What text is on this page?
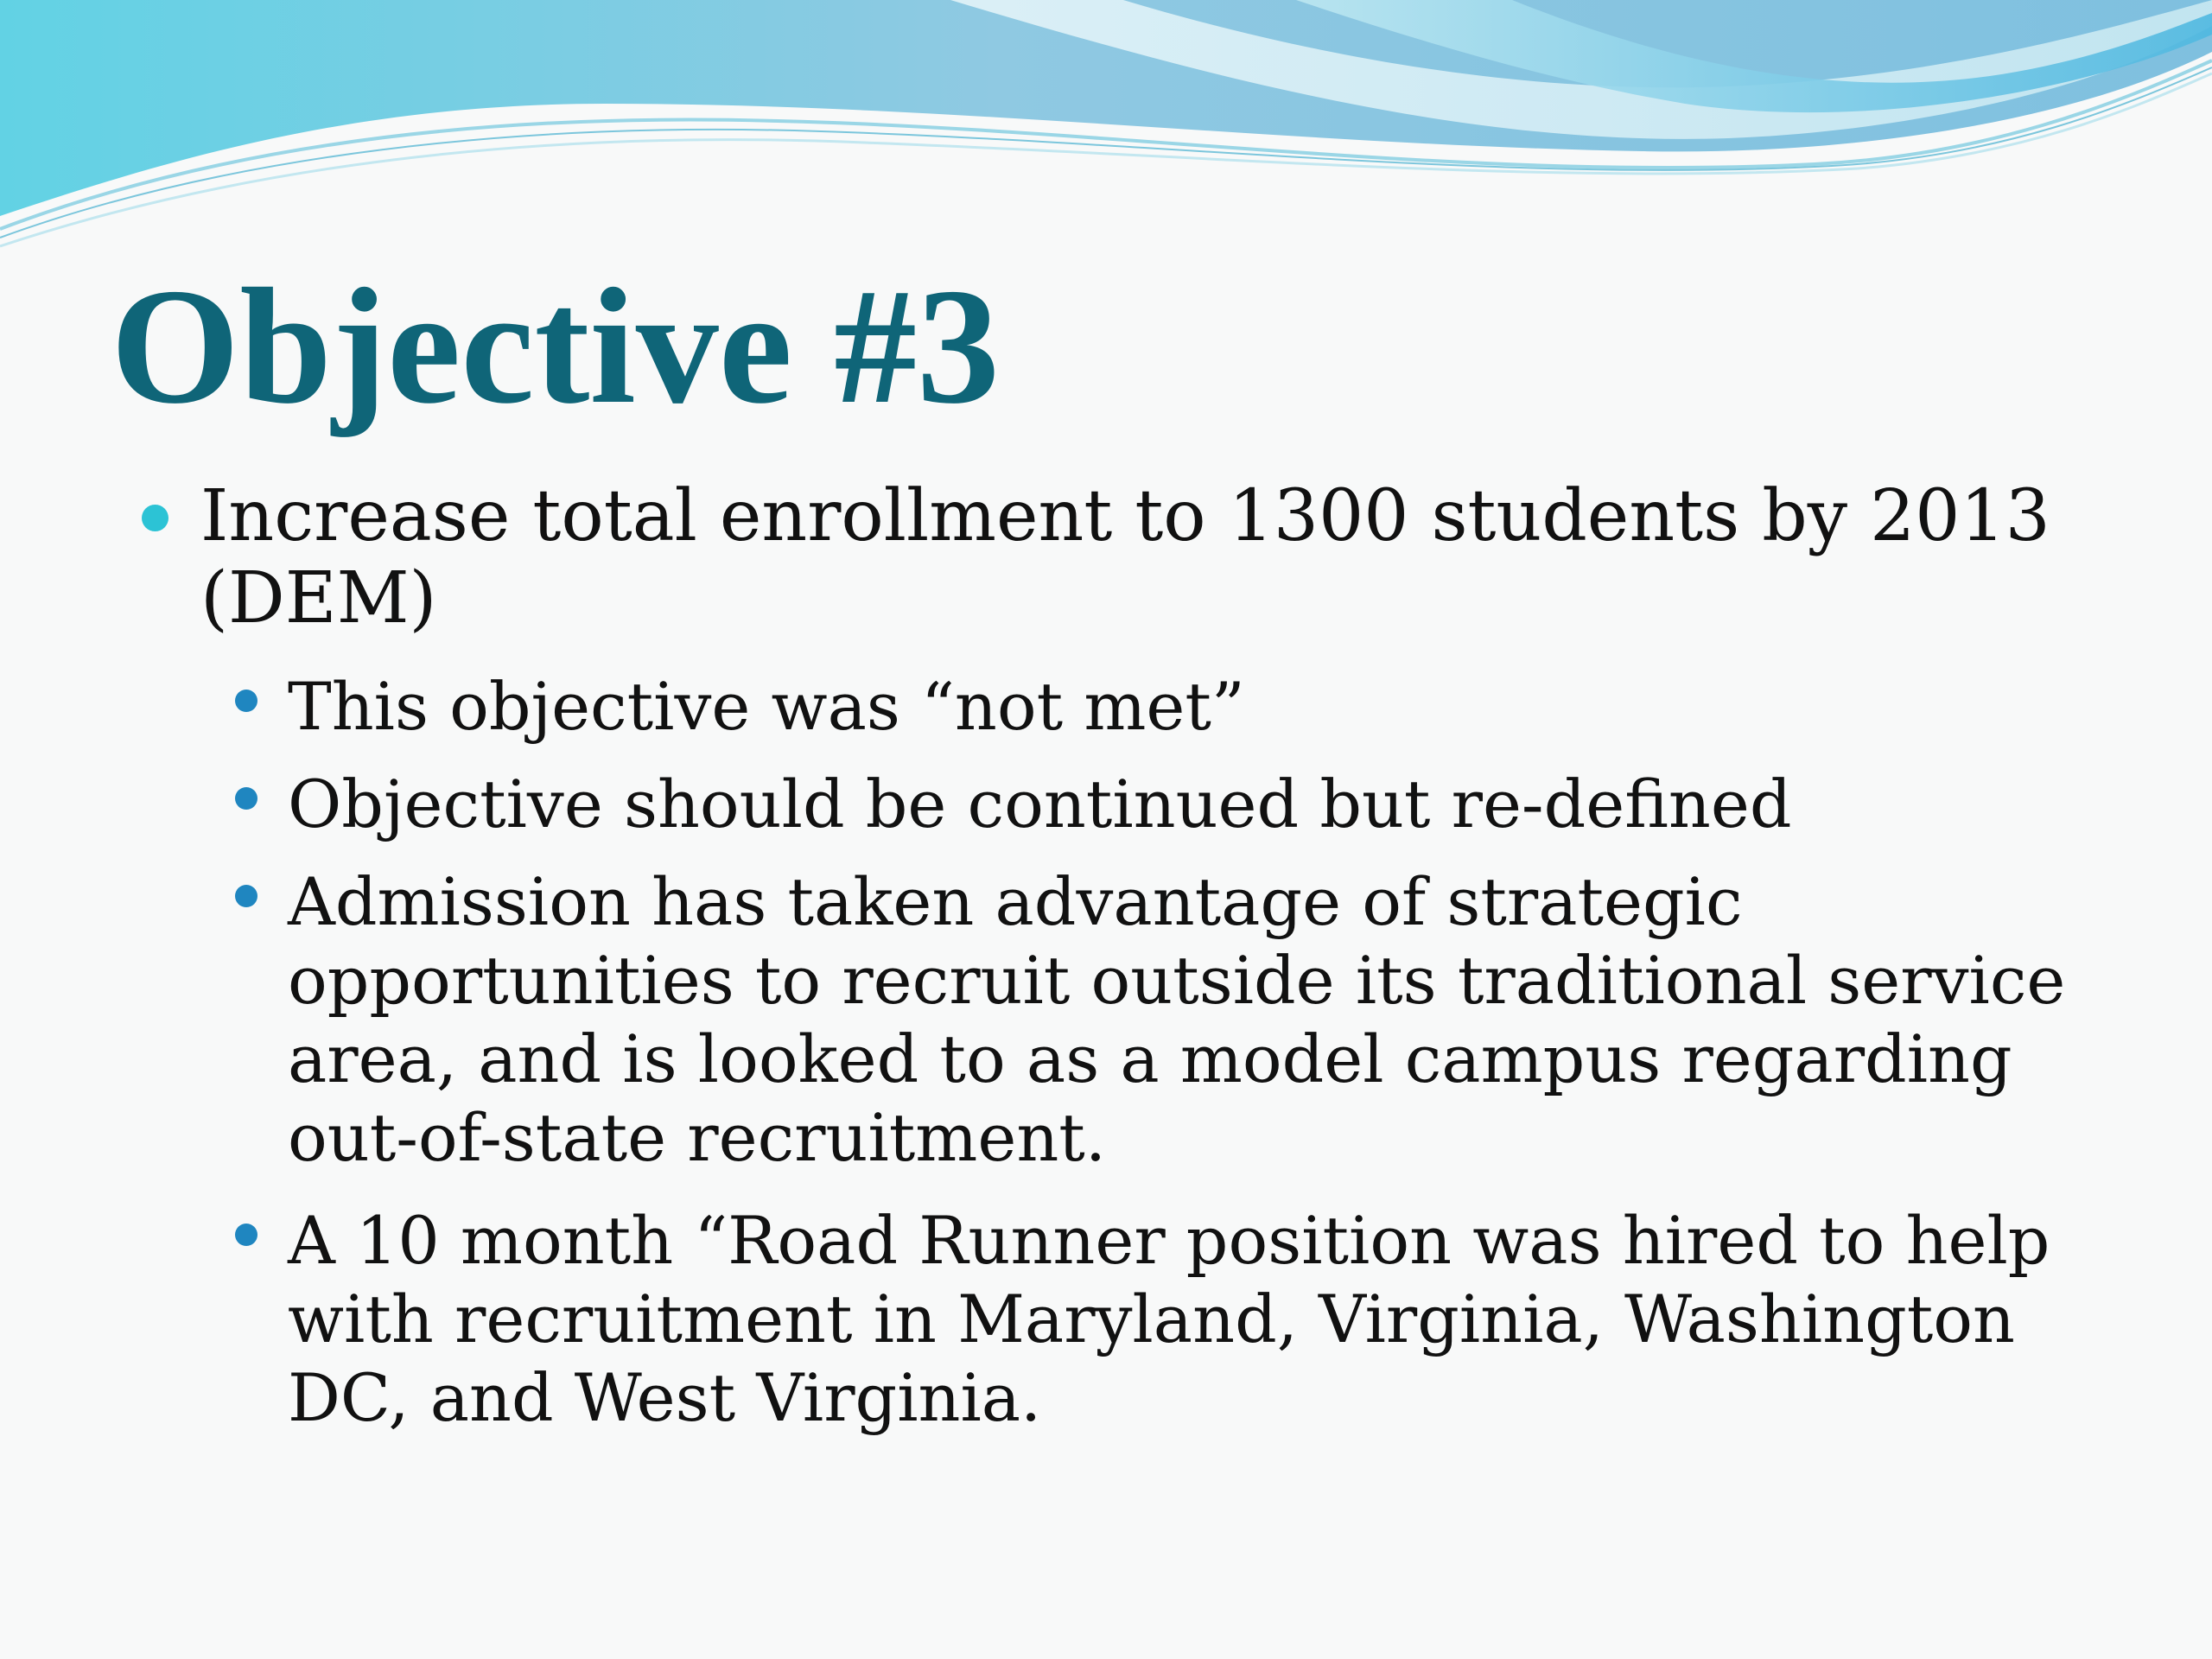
Objective #3

Increase total enrollment to 1300 students by 2013 (DEM)

This objective was “not met”

Objective should be continued but re-defined

Admission has taken advantage of strategic opportunities to recruit outside its traditional service area, and is looked to as a model campus regarding out-of-state recruitment.

A 10 month “Road Runner position was hired to help with recruitment in Maryland, Virginia, Washington DC, and West Virginia.
